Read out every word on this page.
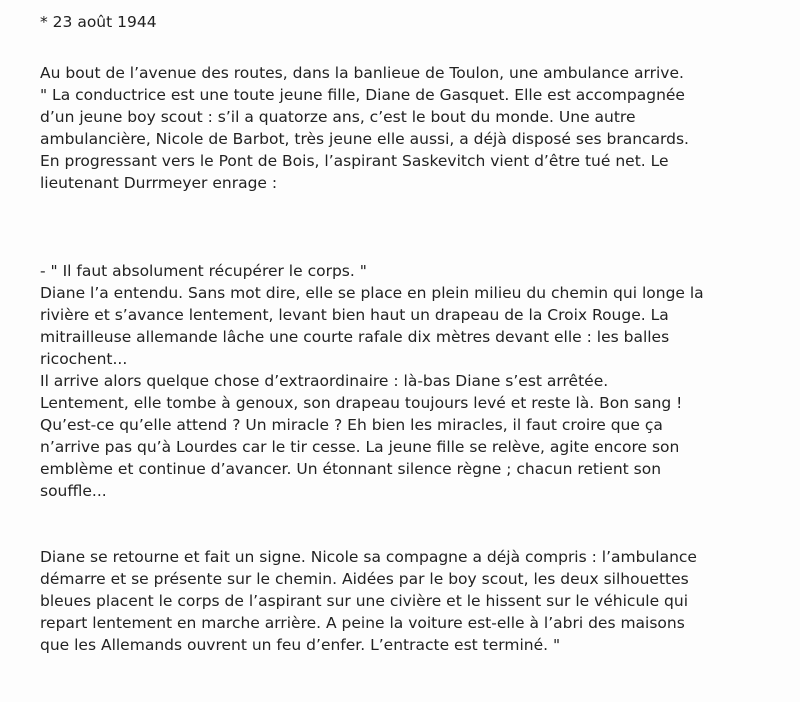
* 23 août 1944

Au bout de l’avenue des routes, dans la banlieue de Toulon, une ambulance arrive.
" La conductrice est une toute jeune fille, Diane de Gasquet. Elle est accompagnée
d’un jeune boy scout : s’il a quatorze ans, c’est le bout du monde. Une autre
ambulancière, Nicole de Barbot, très jeune elle aussi, a déjà disposé ses brancards.
En progressant vers le Pont de Bois, l’aspirant Saskevitch vient d’être tué net. Le
lieutenant Durrmeyer enrage :

- " Il faut absolument récupérer le corps. "
Diane l’a entendu. Sans mot dire, elle se place en plein milieu du chemin qui longe la
rivière et s’avance lentement, levant bien haut un drapeau de la Croix Rouge. La
mitrailleuse allemande lâche une courte rafale dix mètres devant elle : les balles
ricochent...
Il arrive alors quelque chose d’extraordinaire : là-bas Diane s’est arrêtée.
Lentement, elle tombe à genoux, son drapeau toujours levé et reste là. Bon sang !
Qu’est-ce qu’elle attend ? Un miracle ? Eh bien les miracles, il faut croire que ça
n’arrive pas qu’à Lourdes car le tir cesse. La jeune fille se relève, agite encore son
emblème et continue d’avancer. Un étonnant silence règne ; chacun retient son
souffle...

Diane se retourne et fait un signe. Nicole sa compagne a déjà compris : l’ambulance
démarre et se présente sur le chemin. Aidées par le boy scout, les deux silhouettes
bleues placent le corps de l’aspirant sur une civière et le hissent sur le véhicule qui
repart lentement en marche arrière. A peine la voiture est-elle à l’abri des maisons
que les Allemands ouvrent un feu d’enfer. L’entracte est terminé. "
